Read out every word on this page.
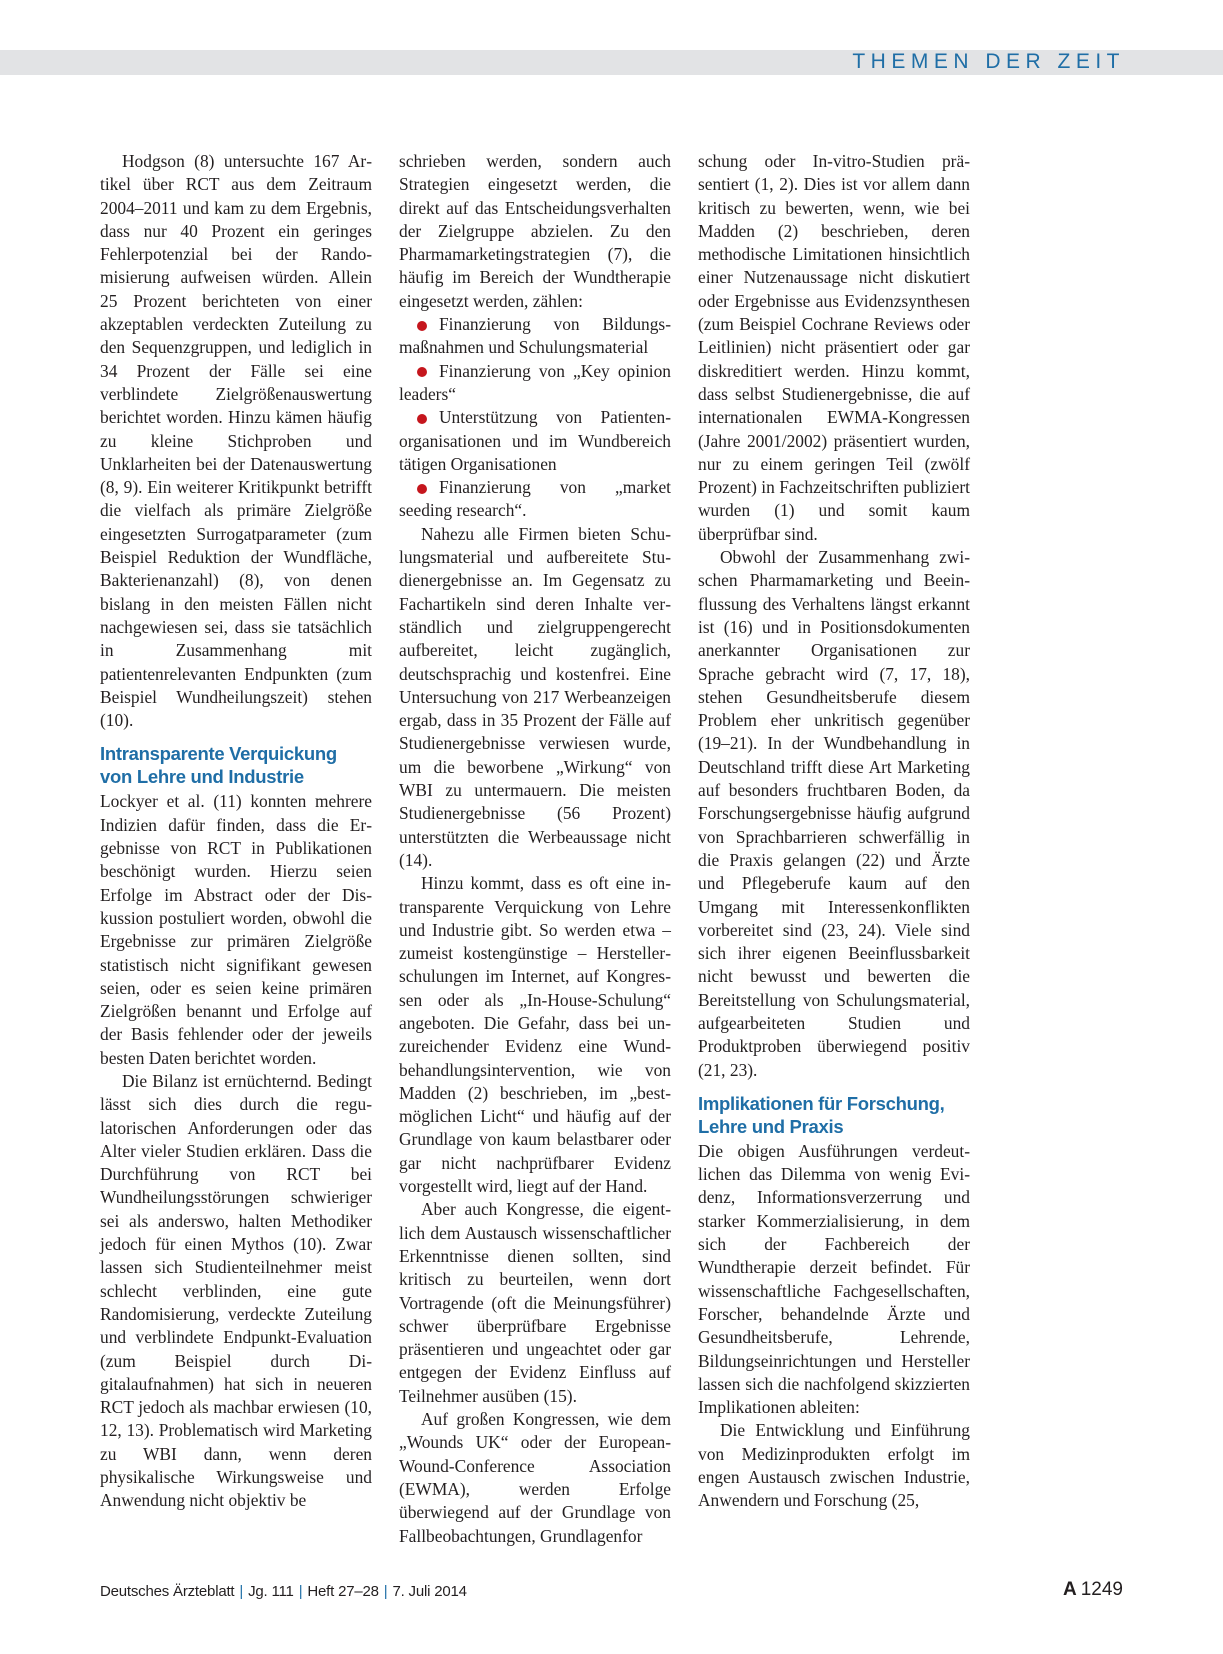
THEMEN DER ZEIT

Hodgson (8) untersuchte 167 Artikel über RCT aus dem Zeitraum 2004–2011 und kam zu dem Ergebnis, dass nur 40 Prozent ein geringes Fehlerpotenzial bei der Randomisierung aufweisen würden. Allein 25 Prozent berichteten von einer akzeptablen verdeckten Zuteilung zu den Sequenzgruppen, und lediglich in 34 Prozent der Fälle sei eine verblindete Zielgrößenauswertung berichtet worden. Hinzu kämen häufig zu kleine Stichproben und Unklarheiten bei der Datenauswertung (8, 9). Ein weiterer Kritikpunkt betrifft die vielfach als primäre Zielgröße eingesetzten Surrogatparameter (zum Beispiel Reduktion der Wundfläche, Bakterienanzahl) (8), von denen bislang in den meisten Fällen nicht nachgewiesen sei, dass sie tatsächlich in Zusammenhang mit patientenrelevanten Endpunkten (zum Beispiel Wundheilungszeit) stehen (10).

Intransparente Verquickung von Lehre und Industrie

Lockyer et al. (11) konnten mehrere Indizien dafür finden, dass die Ergebnisse von RCT in Publikationen beschönigt wurden. Hierzu seien Erfolge im Abstract oder der Diskussion postuliert worden, obwohl die Ergebnisse zur primären Zielgröße statistisch nicht signifikant gewesen seien, oder es seien keine primären Zielgrößen benannt und Erfolge auf der Basis fehlender oder der jeweils besten Daten berichtet worden.

Die Bilanz ist ernüchternd. Bedingt lässt sich dies durch die regulatorischen Anforderungen oder das Alter vieler Studien erklären. Dass die Durchführung von RCT bei Wundheilungsstörungen schwieriger sei als anderswo, halten Methodiker jedoch für einen Mythos (10). Zwar lassen sich Studienteilnehmer meist schlecht verblinden, eine gute Randomisierung, verdeckte Zuteilung und verblindete Endpunkt-Evaluation (zum Beispiel durch Digitalaufnahmen) hat sich in neueren RCT jedoch als machbar erwiesen (10, 12, 13). Problematisch wird Marketing zu WBI dann, wenn deren physikalische Wirkungsweise und Anwendung nicht objektiv be

schrieben werden, sondern auch Strategien eingesetzt werden, die direkt auf das Entscheidungsverhalten der Zielgruppe abzielen. Zu den Pharmamarketingstrategien (7), die häufig im Bereich der Wundtherapie eingesetzt werden, zählen:

Finanzierung von Bildungsmaßnahmen und Schulungsmaterial
Finanzierung von „Key opinion leaders“
Unterstützung von Patientenorganisationen und im Wundbereich tätigen Organisationen
Finanzierung von „market seeding research“.

Nahezu alle Firmen bieten Schulungsmaterial und aufbereitete Studienergebnisse an. Im Gegensatz zu Fachartikeln sind deren Inhalte verständlich und zielgruppengerecht aufbereitet, leicht zugänglich, deutschsprachig und kostenfrei. Eine Untersuchung von 217 Werbeanzeigen ergab, dass in 35 Prozent der Fälle auf Studienergebnisse verwiesen wurde, um die beworbene „Wirkung“ von WBI zu untermauern. Die meisten Studienergebnisse (56 Prozent) unterstützten die Werbeaussage nicht (14).

Hinzu kommt, dass es oft eine intransparente Verquickung von Lehre und Industrie gibt. So werden etwa – zumeist kostengünstige – Herstellerschulungen im Internet, auf Kongressen oder als „In-House-Schulung“ angeboten. Die Gefahr, dass bei unzureichender Evidenz eine Wundbehandlungsintervention, wie von Madden (2) beschrieben, im „bestmöglichen Licht“ und häufig auf der Grundlage von kaum belastbarer oder gar nicht nachprüfbarer Evidenz vorgestellt wird, liegt auf der Hand.

Aber auch Kongresse, die eigentlich dem Austausch wissenschaftlicher Erkenntnisse dienen sollten, sind kritisch zu beurteilen, wenn dort Vortragende (oft die Meinungsführer) schwer überprüfbare Ergebnisse präsentieren und ungeachtet oder gar entgegen der Evidenz Einfluss auf Teilnehmer ausüben (15).

Auf großen Kongressen, wie dem „Wounds UK“ oder der European-Wound-Conference Association (EWMA), werden Erfolge überwiegend auf der Grundlage von Fallbeobachtungen, Grundlagenfor

schung oder In-vitro-Studien präsentiert (1, 2). Dies ist vor allem dann kritisch zu bewerten, wenn, wie bei Madden (2) beschrieben, deren methodische Limitationen hinsichtlich einer Nutzenaussage nicht diskutiert oder Ergebnisse aus Evidenzsynthesen (zum Beispiel Cochrane Reviews oder Leitlinien) nicht präsentiert oder gar diskreditiert werden. Hinzu kommt, dass selbst Studienergebnisse, die auf internationalen EWMA-Kongressen (Jahre 2001/2002) präsentiert wurden, nur zu einem geringen Teil (zwölf Prozent) in Fachzeitschriften publiziert wurden (1) und somit kaum überprüfbar sind.

Obwohl der Zusammenhang zwischen Pharmamarketing und Beeinflussung des Verhaltens längst erkannt ist (16) und in Positionsdokumenten anerkannter Organisationen zur Sprache gebracht wird (7, 17, 18), stehen Gesundheitsberufe diesem Problem eher unkritisch gegenüber (19–21). In der Wundbehandlung in Deutschland trifft diese Art Marketing auf besonders fruchtbaren Boden, da Forschungsergebnisse häufig aufgrund von Sprachbarrieren schwerfällig in die Praxis gelangen (22) und Ärzte und Pflegeberufe kaum auf den Umgang mit Interessenkonflikten vorbereitet sind (23, 24). Viele sind sich ihrer eigenen Beeinflussbarkeit nicht bewusst und bewerten die Bereitstellung von Schulungsmaterial, aufgearbeiteten Studien und Produktproben überwiegend positiv (21, 23).

Implikationen für Forschung, Lehre und Praxis

Die obigen Ausführungen verdeutlichen das Dilemma von wenig Evidenz, Informationsverzerrung und starker Kommerzialisierung, in dem sich der Fachbereich der Wundtherapie derzeit befindet. Für wissenschaftliche Fachgesellschaften, Forscher, behandelnde Ärzte und Gesundheitsberufe, Lehrende, Bildungseinrichtungen und Hersteller lassen sich die nachfolgend skizzierten Implikationen ableiten:

Die Entwicklung und Einführung von Medizinprodukten erfolgt im engen Austausch zwischen Industrie, Anwendern und Forschung (25,

Deutsches Ärzteblatt | Jg. 111 | Heft 27–28 | 7. Juli 2014	A 1249
